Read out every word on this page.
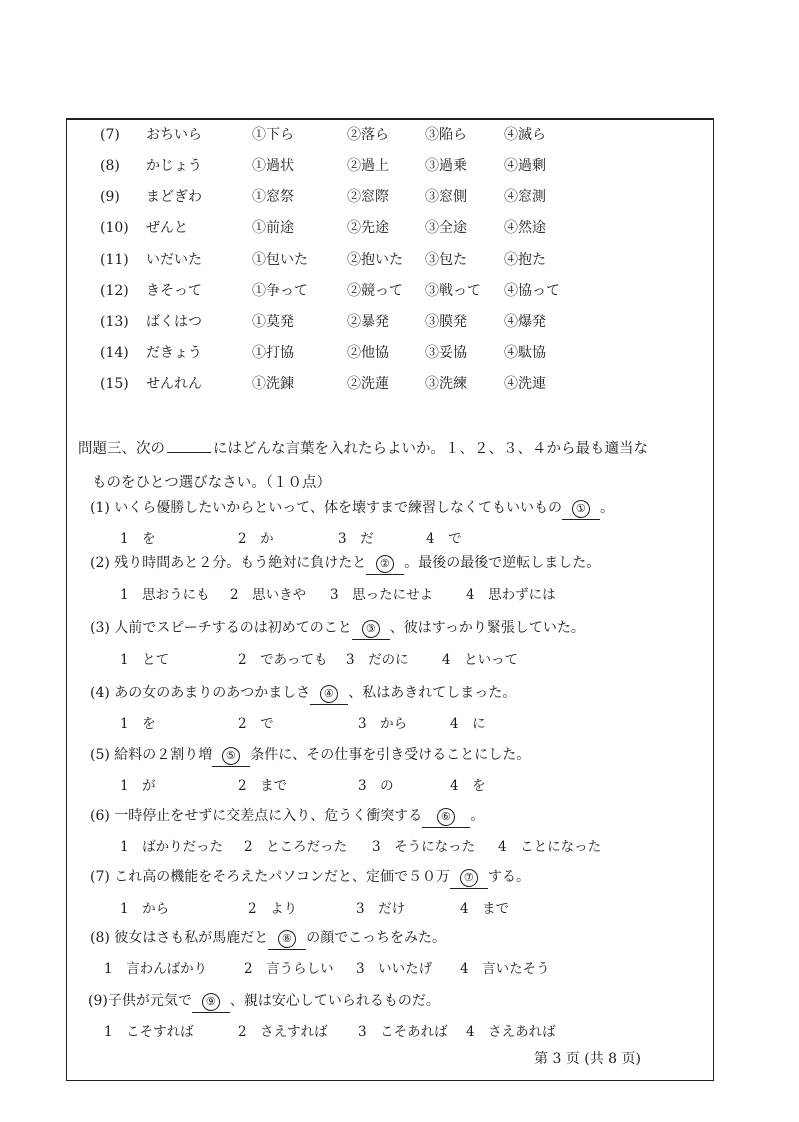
(7) おちいら	①下ら	②落ら	③陥ら	④滅ら
(8) かじょう	①過状	②過上	③過乗	④過剰
(9) まどぎわ	①窓祭	②窓際	③窓側	④窓測
(10) ぜんと	①前途	②先途	③全途	④然途
(11) いだいた	①包いた	②抱いた ③包た	④抱た
(12) きそって	①争って	②競って ③戦って ④協って
(13) ばくはつ	①莫発	②暴発	③膜発	④爆発
(14) だきょう	①打協	②他協	③妥協	④駄協
(15) せんれん	①洗錬	②洗蓮	③洗練	④洗連
問題三、次の	にはどんな言葉を入れたらよいか。１、２、３、４から最も適当な
ものをひとつ選びなさい。（１０点）
(1) いくら優勝したいからといって、体を壊すまで練習しなくてもいいもの ① 。
1　を	2　か	3　だ	4　で
(2) 残り時間あと２分。もう絶対に負けたと ② 。最後の最後で逆転しました。
1　思おうにも 2　思いきや 3　思ったにせよ 4　思わずには
(3) 人前でスピーチするのは初めてのこと ③ 、彼はすっかり緊張していた。
1　とて	2　であっても 3　だのに 4　といって
(4) あの女のあまりのあつかましさ ④ 、私はあきれてしまった。
1　を	2　で	3　から	4　に
(5) 給料の２割り増 ⑤ 条件に、その仕事を引き受けることにした。
1　が	2　まで	3　の	4　を
(6) 一時停止をせずに交差点に入り、危うく衝突する ⑥ 。
1　ばかりだった 2　ところだった 3　そうになった 4　ことになった
(7) これ高の機能をそろえたパソコンだと、定価で５０万 ⑦ する。
1　から	2　より	3　だけ	4　まで
(8) 彼女はさも私が馬鹿だと ⑧ の顔でこっちをみた。
1　言わんばかり	2　言うらしい 3　いいたげ 4　言いたそう
(9)子供が元気で ⑨ 、親は安心していられるものだ。
1　こそすれば	2　さえすれば 3　こそあれば 4　さえあれば
第 3 页 (共 8 页)
